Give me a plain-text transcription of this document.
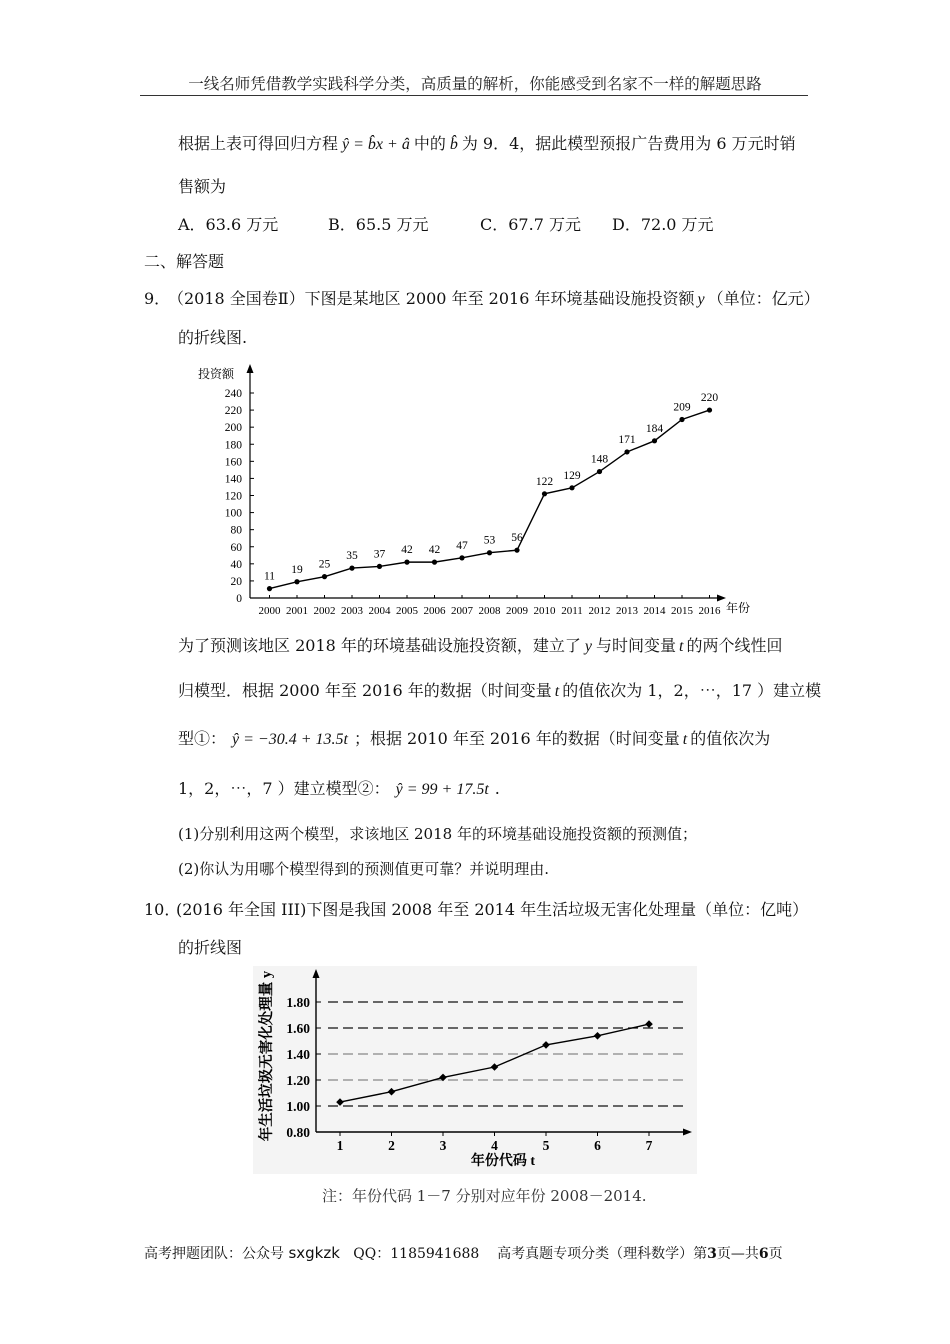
一线名师凭借教学实践科学分类，高质量的解析，你能感受到名家不一样的解题思路
根据上表可得回归方程 ŷ = b̂x + â 中的 b̂ 为 9．4，据此模型预报广告费用为 6 万元时销
售额为
A．63.6 万元	B．65.5 万元	C．67.7 万元 D．72.0 万元
二、解答题
9．
（2018 全国卷Ⅱ）下图是某地区 2000 年至 2016 年环境基础设施投资额 y （单位：亿元）
的折线图.
投资额
年份
0
20
40
60
80
100
120
140
160
180
200
220
240
2000 2001 2002 2003 2004 2005 2006 2007 2008 2009 2010 2011 2012 2013 2014 2015 2016
11
19 25
35 37 42 42 47 53 56
122 129
148
171
184
209
220
为了预测该地区 2018 年的环境基础设施投资额，建立了 y 与时间变量 t 的两个线性回
归模型．根据 2000 年至 2016 年的数据（时间变量 t 的值依次为 1，2，⋯，17 ）建立模
型①： ŷ = −30.4 + 13.5t ；根据 2010 年至 2016 年的数据（时间变量 t 的值依次为
1，2，⋯，7 ）建立模型②： ŷ = 99 + 17.5t .
(1)分别利用这两个模型，求该地区 2018 年的环境基础设施投资额的预测值；
(2)你认为用哪个模型得到的预测值更可靠？并说明理由.
10．
(2016 年全国 III)下图是我国 2008 年至 2014 年生活垃圾无害化处理量（单位：亿吨）
的折线图
0.80
1.00
1.20
1.40
1.60
1.80
1	2	3	4	5	6	7
年生活垃圾无害化处理量 y
年份代码 t
注：年份代码 1－7 分别对应年份 2008－2014.
高考押题团队：公众号 sxgkzk QQ：1185941688 高考真题专项分类（理科数学）第3页—共6页
